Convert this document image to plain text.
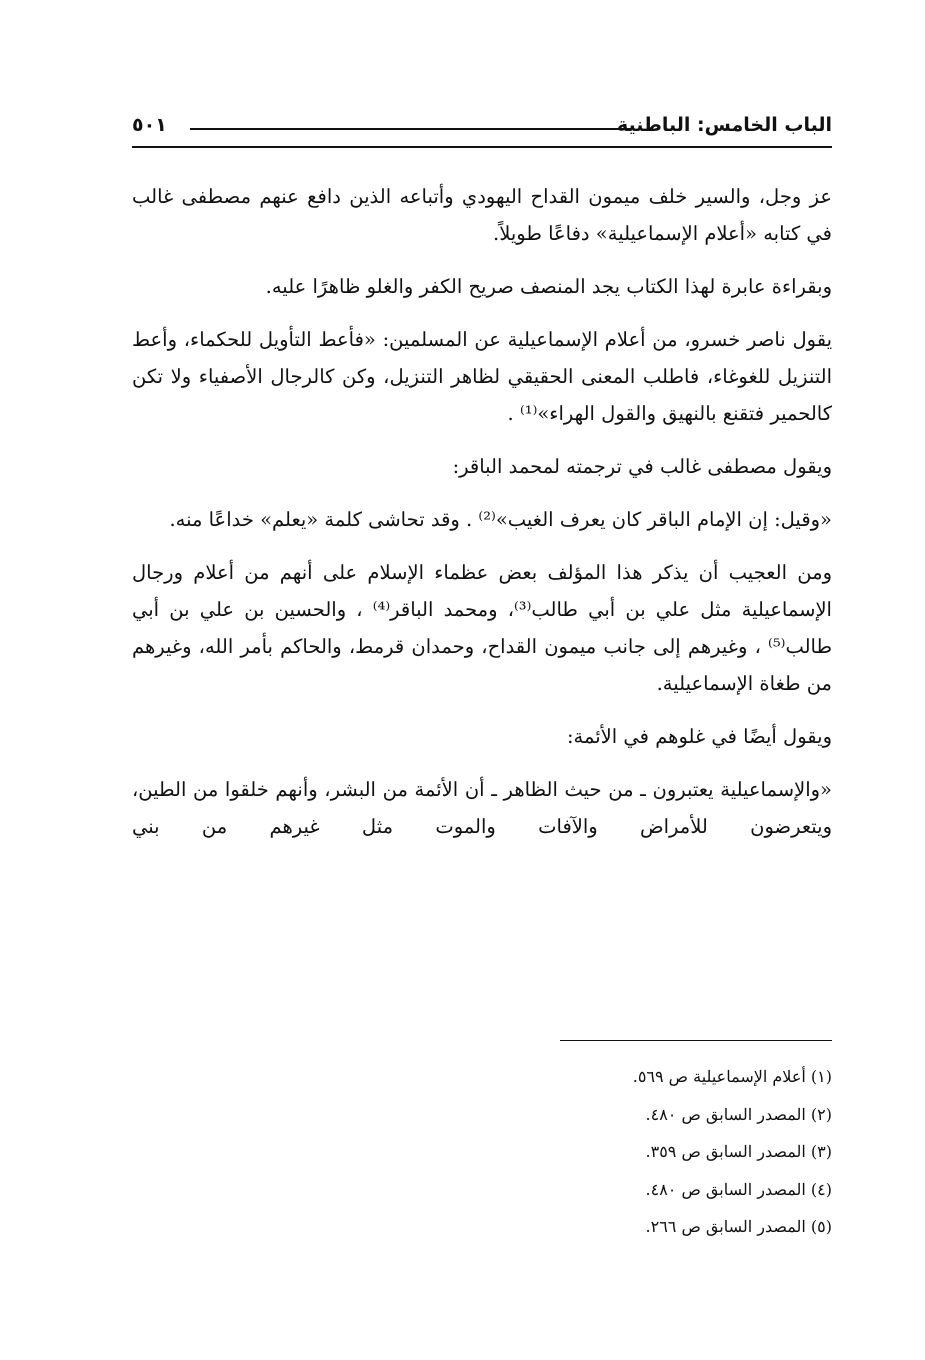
الباب الخامس: الباطنية
٥٠١

عز وجل، والسير خلف ميمون القداح اليهودي وأتباعه الذين دافع عنهم مصطفى غالب في كتابه «أعلام الإسماعيلية» دفاعًا طويلاً.

وبقراءة عابرة لهذا الكتاب يجد المنصف صريح الكفر والغلو ظاهرًا عليه.

يقول ناصر خسرو، من أعلام الإسماعيلية عن المسلمين: «فأعط التأويل للحكماء، وأعط التنزيل للغوغاء، فاطلب المعنى الحقيقي لظاهر التنزيل، وكن كالرجال الأصفياء ولا تكن كالحمير فتقنع بالنهيق والقول الهراء»⁽¹⁾ .

ويقول مصطفى غالب في ترجمته لمحمد الباقر:

«وقيل: إن الإمام الباقر كان يعرف الغيب»⁽²⁾ . وقد تحاشى كلمة «يعلم» خداعًا منه.

ومن العجيب أن يذكر هذا المؤلف بعض عظماء الإسلام على أنهم من أعلام ورجال الإسماعيلية مثل علي بن أبي طالب⁽³⁾، ومحمد الباقر⁽⁴⁾ ، والحسين بن علي بن أبي طالب⁽⁵⁾ ، وغيرهم إلى جانب ميمون القداح، وحمدان قرمط، والحاكم بأمر الله، وغيرهم من طغاة الإسماعيلية.

ويقول أيضًا في غلوهم في الأئمة:

«والإسماعيلية يعتبرون ـ من حيث الظاهر ـ أن الأئمة من البشر، وأنهم خلقوا من الطين، ويتعرضون للأمراض والآفات والموت مثل غيرهم من بني

(١) أعلام الإسماعيلية ص ٥٦٩.
(٢) المصدر السابق ص ٤٨٠.
(٣) المصدر السابق ص ٣٥٩.
(٤) المصدر السابق ص ٤٨٠.
(٥) المصدر السابق ص ٢٦٦.
